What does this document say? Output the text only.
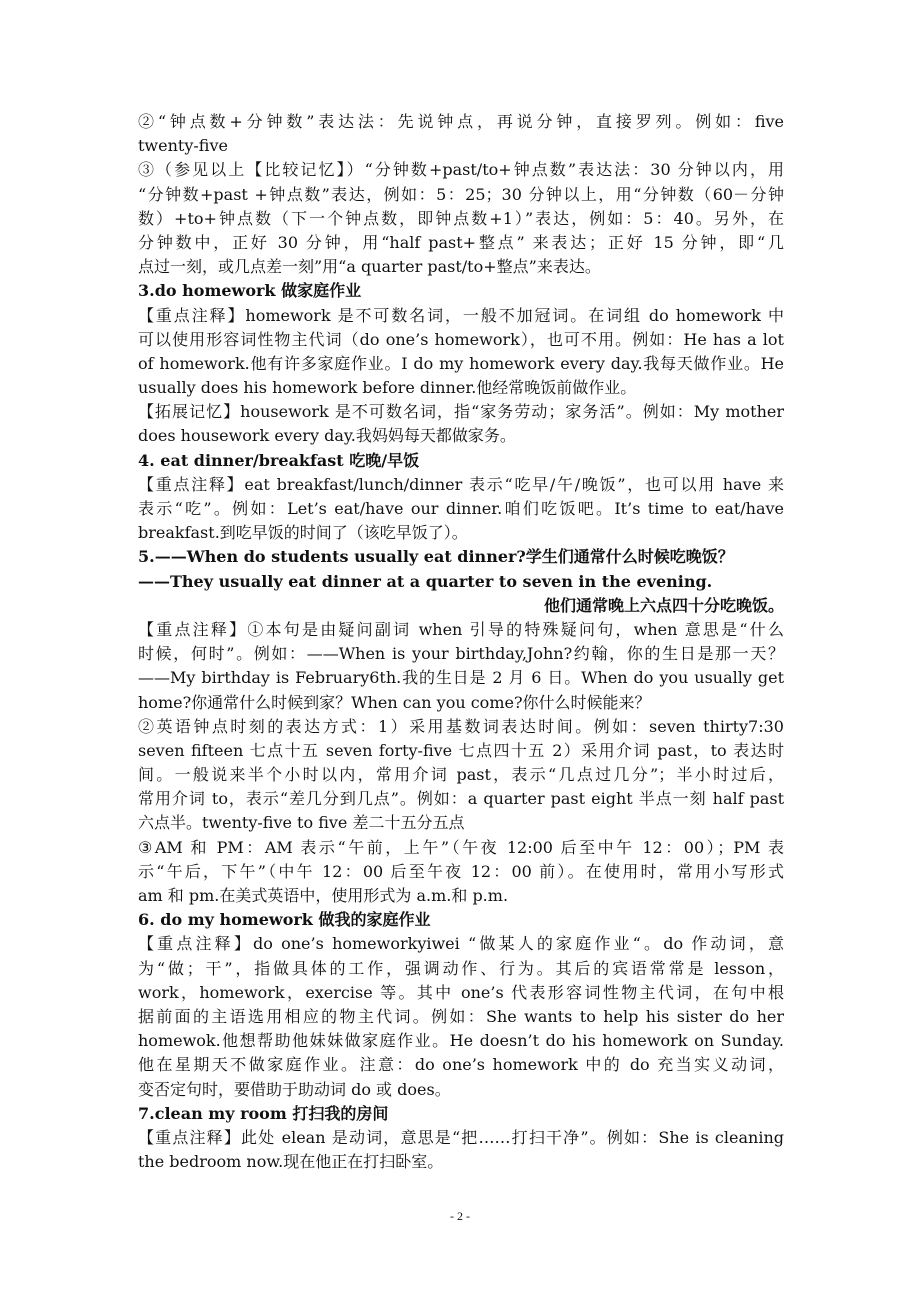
②“钟点数+分钟数”表达法：先说钟点，再说分钟，直接罗列。例如：five
twenty-five
③（参见以上【比较记忆】）“分钟数+past/to+钟点数”表达法：30 分钟以内，用
“分钟数+past +钟点数”表达，例如：5：25；30 分钟以上，用“分钟数（60－分钟
数）+to+钟点数（下一个钟点数，即钟点数+1）”表达，例如：5：40。另外，在
分钟数中，正好 30 分钟，用“half past+整点” 来表达；正好 15 分钟，即“几
点过一刻，或几点差一刻”用“a quarter past/to+整点”来表达。
3.do homework 做家庭作业
【重点注释】homework 是不可数名词，一般不加冠词。在词组 do homework 中
可以使用形容词性物主代词（do one’s homework），也可不用。例如：He has a lot
of homework.他有许多家庭作业。I do my homework every day.我每天做作业。He
usually does his homework before dinner.他经常晚饭前做作业。
【拓展记忆】housework 是不可数名词，指“家务劳动；家务活”。例如：My mother
does housework every day.我妈妈每天都做家务。
4. eat dinner/breakfast 吃晚/早饭
【重点注释】eat breakfast/lunch/dinner 表示“吃早/午/晚饭”，也可以用 have 来
表示“吃”。例如：Let’s eat/have our dinner.咱们吃饭吧。It’s time to eat/have
breakfast.到吃早饭的时间了（该吃早饭了）。
5.——When do students usually eat dinner?学生们通常什么时候吃晚饭？
——They usually eat dinner at a quarter to seven in the evening.
他们通常晚上六点四十分吃晚饭。
【重点注释】①本句是由疑问副词 when 引导的特殊疑问句，when 意思是“什么
时候，何时”。例如：——When is your birthday,John?约翰，你的生日是那一天？
——My birthday is February6th.我的生日是 2 月 6 日。When do you usually get
home?你通常什么时候到家？When can you come?你什么时候能来？
②英语钟点时刻的表达方式：1）采用基数词表达时间。例如：seven thirty7:30
seven fifteen 七点十五 seven forty-five 七点四十五 2）采用介词 past，to 表达时
间。一般说来半个小时以内，常用介词 past，表示“几点过几分”；半小时过后，
常用介词 to，表示“差几分到几点”。例如：a quarter past eight 半点一刻 half past
六点半。twenty-five to five 差二十五分五点
③AM 和 PM：AM 表示“午前，上午”（午夜 12:00 后至中午 12：00）；PM 表
示“午后，下午”（中午 12：00 后至午夜 12：00 前）。在使用时，常用小写形式
am 和 pm.在美式英语中，使用形式为 a.m.和 p.m.
6. do my homework 做我的家庭作业
【重点注释】do one’s homeworkyiwei “做某人的家庭作业“。do 作动词，意
为“做；干”，指做具体的工作，强调动作、行为。其后的宾语常常是 lesson，
work，homework，exercise 等。其中 one’s 代表形容词性物主代词，在句中根
据前面的主语选用相应的物主代词。例如：She wants to help his sister do her
homewok.他想帮助他妹妹做家庭作业。He doesn’t do his homework on Sunday.
他在星期天不做家庭作业。注意：do one’s homework 中的 do 充当实义动词，
变否定句时，要借助于助动词 do 或 does。
7.clean my room 打扫我的房间
【重点注释】此处 elean 是动词，意思是“把……打扫干净”。例如：She is cleaning
the bedroom now.现在他正在打扫卧室。
- 2 -
